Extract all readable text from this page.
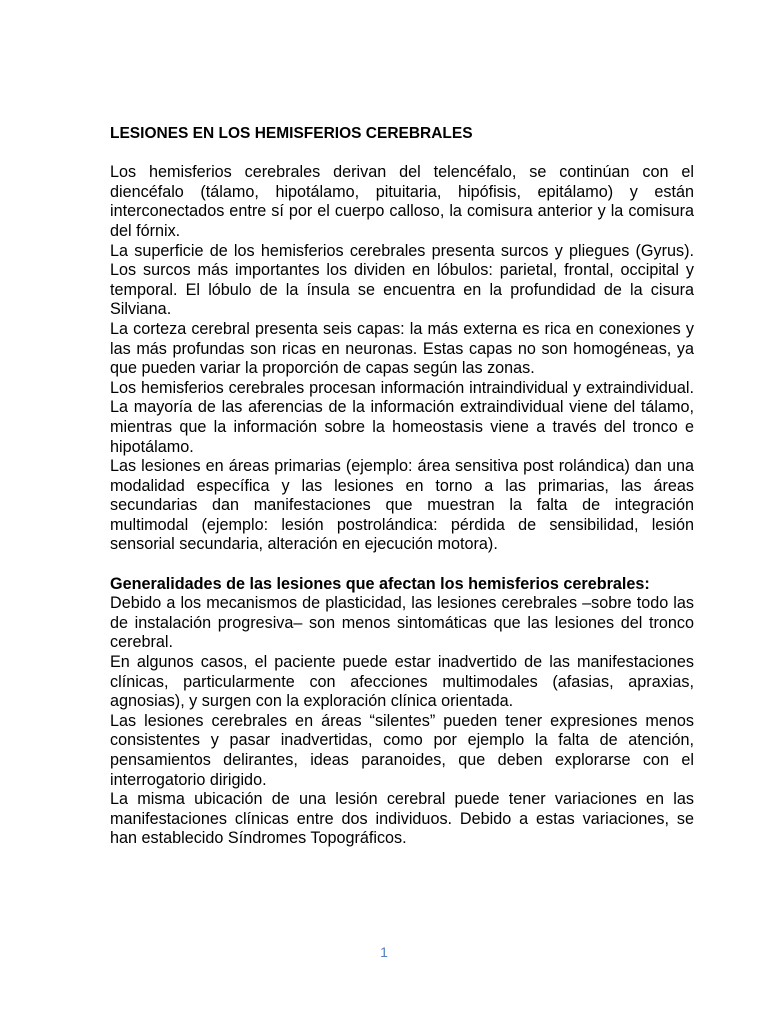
LESIONES EN LOS HEMISFERIOS CEREBRALES

Los hemisferios cerebrales derivan del telencéfalo, se continúan con el diencéfalo (tálamo, hipotálamo, pituitaria, hipófisis, epitálamo) y están interconectados entre sí por el cuerpo calloso, la comisura anterior y la comisura del fórnix.

La superficie de los hemisferios cerebrales presenta surcos y pliegues (Gyrus). Los surcos más importantes los dividen en lóbulos: parietal, frontal, occipital y temporal. El lóbulo de la ínsula se encuentra en la profundidad de la cisura Silviana.

La corteza cerebral presenta seis capas: la más externa es rica en conexiones y las más profundas son ricas en neuronas. Estas capas no son homogéneas, ya que pueden variar la proporción de capas según las zonas.

Los hemisferios cerebrales procesan información intraindividual y extraindividual. La mayoría de las aferencias de la información extraindividual viene del tálamo, mientras que la información sobre la homeostasis viene a través del tronco e hipotálamo.

Las lesiones en áreas primarias (ejemplo: área sensitiva post rolándica) dan una modalidad específica y las lesiones en torno a las primarias, las áreas secundarias dan manifestaciones que muestran la falta de integración multimodal (ejemplo: lesión postrolándica: pérdida de sensibilidad, lesión sensorial secundaria, alteración en ejecución motora).

Generalidades de las lesiones que afectan los hemisferios cerebrales:

Debido a los mecanismos de plasticidad, las lesiones cerebrales –sobre todo las de instalación progresiva– son menos sintomáticas que las lesiones del tronco cerebral.

En algunos casos, el paciente puede estar inadvertido de las manifestaciones clínicas, particularmente con afecciones multimodales (afasias, apraxias, agnosias), y surgen con la exploración clínica orientada.

Las lesiones cerebrales en áreas “silentes” pueden tener expresiones menos consistentes y pasar inadvertidas, como por ejemplo la falta de atención, pensamientos delirantes, ideas paranoides, que deben explorarse con el interrogatorio dirigido.

La misma ubicación de una lesión cerebral puede tener variaciones en las manifestaciones clínicas entre dos individuos. Debido a estas variaciones, se han establecido Síndromes Topográficos.

1
